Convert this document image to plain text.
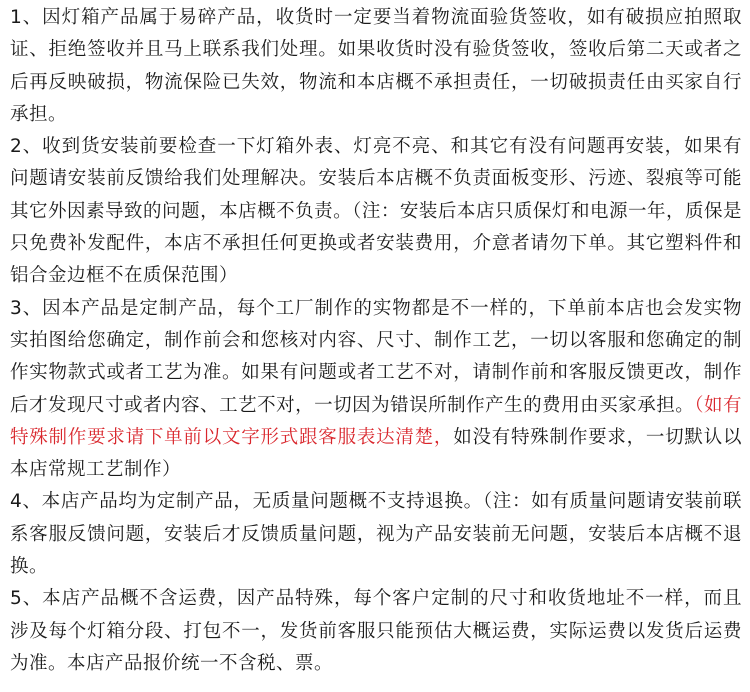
1、因灯箱产品属于易碎产品，收货时一定要当着物流面验货签收，如有破损应拍照取证、拒绝签收并且马上联系我们处理。如果收货时没有验货签收，签收后第二天或者之后再反映破损，物流保险已失效，物流和本店概不承担责任，一切破损责任由买家自行承担。

2、收到货安装前要检查一下灯箱外表、灯亮不亮、和其它有没有问题再安装，如果有问题请安装前反馈给我们处理解决。安装后本店概不负责面板变形、污迹、裂痕等可能其它外因素导致的问题，本店概不负责。（注：安装后本店只质保灯和电源一年，质保是只免费补发配件，本店不承担任何更换或者安装费用，介意者请勿下单。其它塑料件和铝合金边框不在质保范围）

3、因本产品是定制产品，每个工厂制作的实物都是不一样的，下单前本店也会发实物实拍图给您确定，制作前会和您核对内容、尺寸、制作工艺，一切以客服和您确定的制作实物款式或者工艺为准。如果有问题或者工艺不对，请制作前和客服反馈更改，制作后才发现尺寸或者内容、工艺不对，一切因为错误所制作产生的费用由买家承担。（如有特殊制作要求请下单前以文字形式跟客服表达清楚，如没有特殊制作要求，一切默认以本店常规工艺制作）

4、本店产品均为定制产品，无质量问题概不支持退换。（注：如有质量问题请安装前联系客服反馈问题，安装后才反馈质量问题，视为产品安装前无问题，安装后本店概不退换。

5、本店产品概不含运费，因产品特殊，每个客户定制的尺寸和收货地址不一样，而且涉及每个灯箱分段、打包不一，发货前客服只能预估大概运费，实际运费以发货后运费为准。本店产品报价统一不含税、票。
